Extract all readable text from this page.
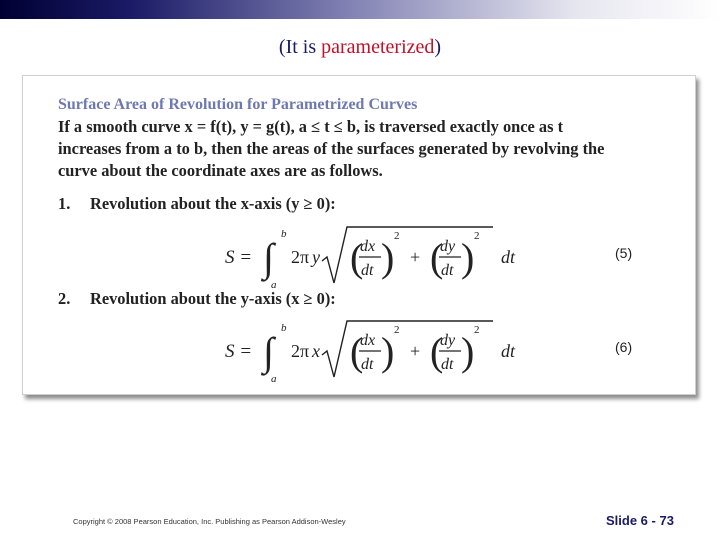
(It is parameterized)
Surface Area of Revolution for Parametrized Curves
If a smooth curve x = f(t), y = g(t), a ≤ t ≤ b, is traversed exactly once as t
increases from a to b, then the areas of the surfaces generated by revolving the
curve about the coordinate axes are as follows.
1. Revolution about the x-axis (y ≥ 0):
S = ∫
b
a
2π y (
dx
dt ) 2
+ (
dy
dt ) 2
dt	(5)
2. Revolution about the y-axis (x ≥ 0):
S = ∫
b
a
2π x (
dx
dt ) 2
+ (
dy
dt ) 2
dt	(6)
Copyright © 2008 Pearson Education, Inc. Publishing as Pearson Addison-Wesley	Slide 6 - 73
